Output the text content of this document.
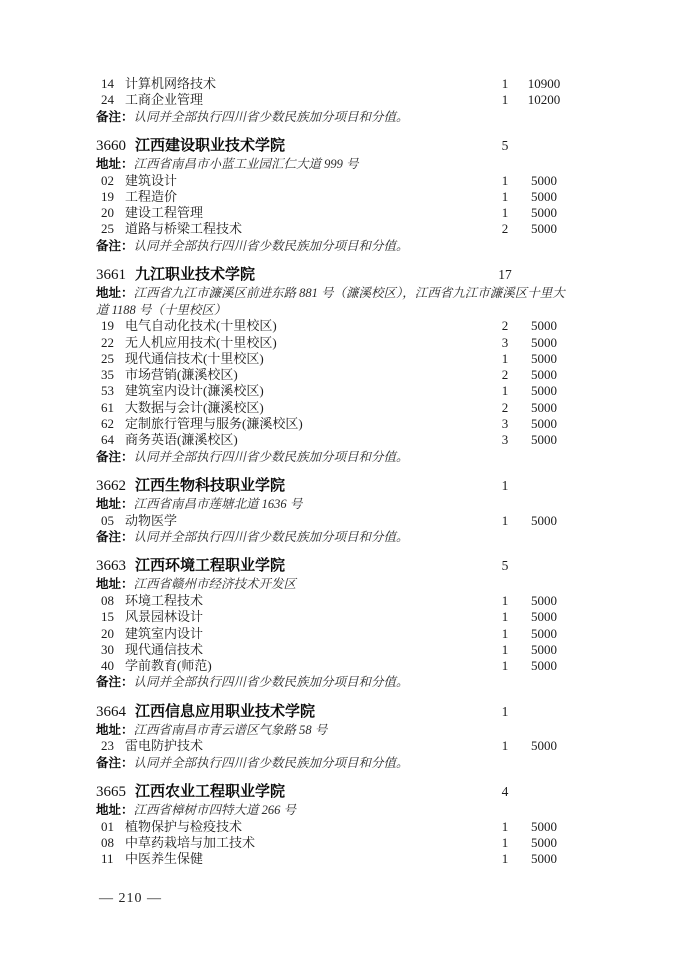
14 计算机网络技术	1	10900
24 工商企业管理	1	10200
备注：认同并全部执行四川省少数民族加分项目和分值。
3660 江西建设职业技术学院	5
地址：江西省南昌市小蓝工业园汇仁大道 999 号
02 建筑设计	1	5000
19 工程造价	1	5000
20 建设工程管理	1	5000
25 道路与桥梁工程技术	2	5000
备注：认同并全部执行四川省少数民族加分项目和分值。
3661 九江职业技术学院	17
地址：江西省九江市濂溪区前进东路 881 号（濂溪校区），江西省九江市濂溪区十里大道 1188 号（十里校区）
19 电气自动化技术(十里校区)	2	5000
22 无人机应用技术(十里校区)	3	5000
25 现代通信技术(十里校区)	1	5000
35 市场营销(濂溪校区)	2	5000
53 建筑室内设计(濂溪校区)	1	5000
61 大数据与会计(濂溪校区)	2	5000
62 定制旅行管理与服务(濂溪校区)	3	5000
64 商务英语(濂溪校区)	3	5000
备注：认同并全部执行四川省少数民族加分项目和分值。
3662 江西生物科技职业学院	1
地址：江西省南昌市莲塘北道 1636 号
05 动物医学	1	5000
备注：认同并全部执行四川省少数民族加分项目和分值。
3663 江西环境工程职业学院	5
地址：江西省赣州市经济技术开发区
08 环境工程技术	1	5000
15 风景园林设计	1	5000
20 建筑室内设计	1	5000
30 现代通信技术	1	5000
40 学前教育(师范)	1	5000
备注：认同并全部执行四川省少数民族加分项目和分值。
3664 江西信息应用职业技术学院	1
地址：江西省南昌市青云谱区气象路 58 号
23 雷电防护技术	1	5000
备注：认同并全部执行四川省少数民族加分项目和分值。
3665 江西农业工程职业学院	4
地址：江西省樟树市四特大道 266 号
01 植物保护与检疫技术	1	5000
08 中草药栽培与加工技术	1	5000
11 中医养生保健	1	5000
— 210 —
